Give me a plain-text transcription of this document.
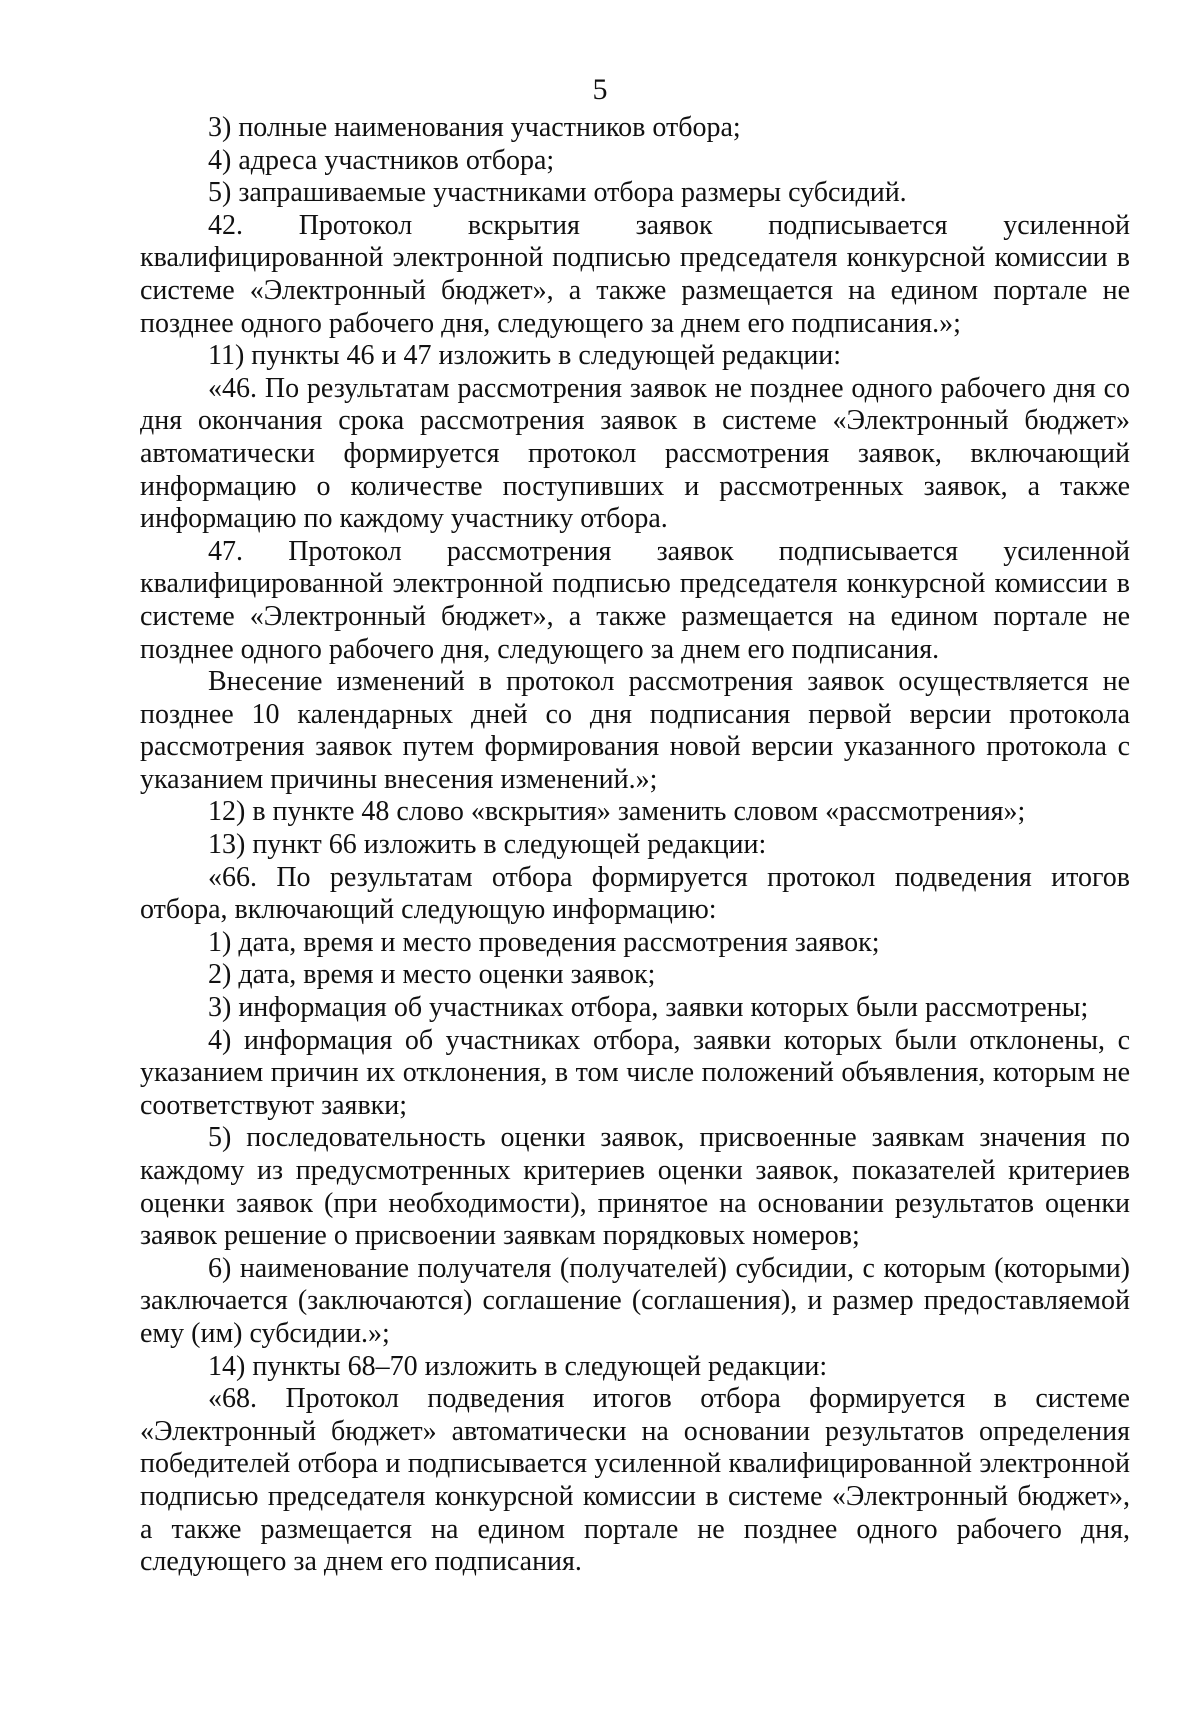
5

3) полные наименования участников отбора;

4) адреса участников отбора;

5) запрашиваемые участниками отбора размеры субсидий.

42. Протокол вскрытия заявок подписывается усиленной квалифицированной электронной подписью председателя конкурсной комиссии в системе «Электронный бюджет», а также размещается на едином портале не позднее одного рабочего дня, следующего за днем его подписания.»;

11) пункты 46 и 47 изложить в следующей редакции:

«46. По результатам рассмотрения заявок не позднее одного рабочего дня со дня окончания срока рассмотрения заявок в системе «Электронный бюджет» автоматически формируется протокол рассмотрения заявок, включающий информацию о количестве поступивших и рассмотренных заявок, а также информацию по каждому участнику отбора.

47. Протокол рассмотрения заявок подписывается усиленной квалифицированной электронной подписью председателя конкурсной комиссии в системе «Электронный бюджет», а также размещается на едином портале не позднее одного рабочего дня, следующего за днем его подписания.

Внесение изменений в протокол рассмотрения заявок осуществляется не позднее 10 календарных дней со дня подписания первой версии протокола рассмотрения заявок путем формирования новой версии указанного протокола с указанием причины внесения изменений.»;

12) в пункте 48 слово «вскрытия» заменить словом «рассмотрения»;

13) пункт 66 изложить в следующей редакции:

«66. По результатам отбора формируется протокол подведения итогов отбора, включающий следующую информацию:

1) дата, время и место проведения рассмотрения заявок;

2) дата, время и место оценки заявок;

3) информация об участниках отбора, заявки которых были рассмотрены;

4) информация об участниках отбора, заявки которых были отклонены, с указанием причин их отклонения, в том числе положений объявления, которым не соответствуют заявки;

5) последовательность оценки заявок, присвоенные заявкам значения по каждому из предусмотренных критериев оценки заявок, показателей критериев оценки заявок (при необходимости), принятое на основании результатов оценки заявок решение о присвоении заявкам порядковых номеров;

6) наименование получателя (получателей) субсидии, с которым (которыми) заключается (заключаются) соглашение (соглашения), и размер предоставляемой ему (им) субсидии.»;

14) пункты 68–70 изложить в следующей редакции:

«68. Протокол подведения итогов отбора формируется в системе «Электронный бюджет» автоматически на основании результатов определения победителей отбора и подписывается усиленной квалифицированной электронной подписью председателя конкурсной комиссии в системе «Электронный бюджет», а также размещается на едином портале не позднее одного рабочего дня, следующего за днем его подписания.
